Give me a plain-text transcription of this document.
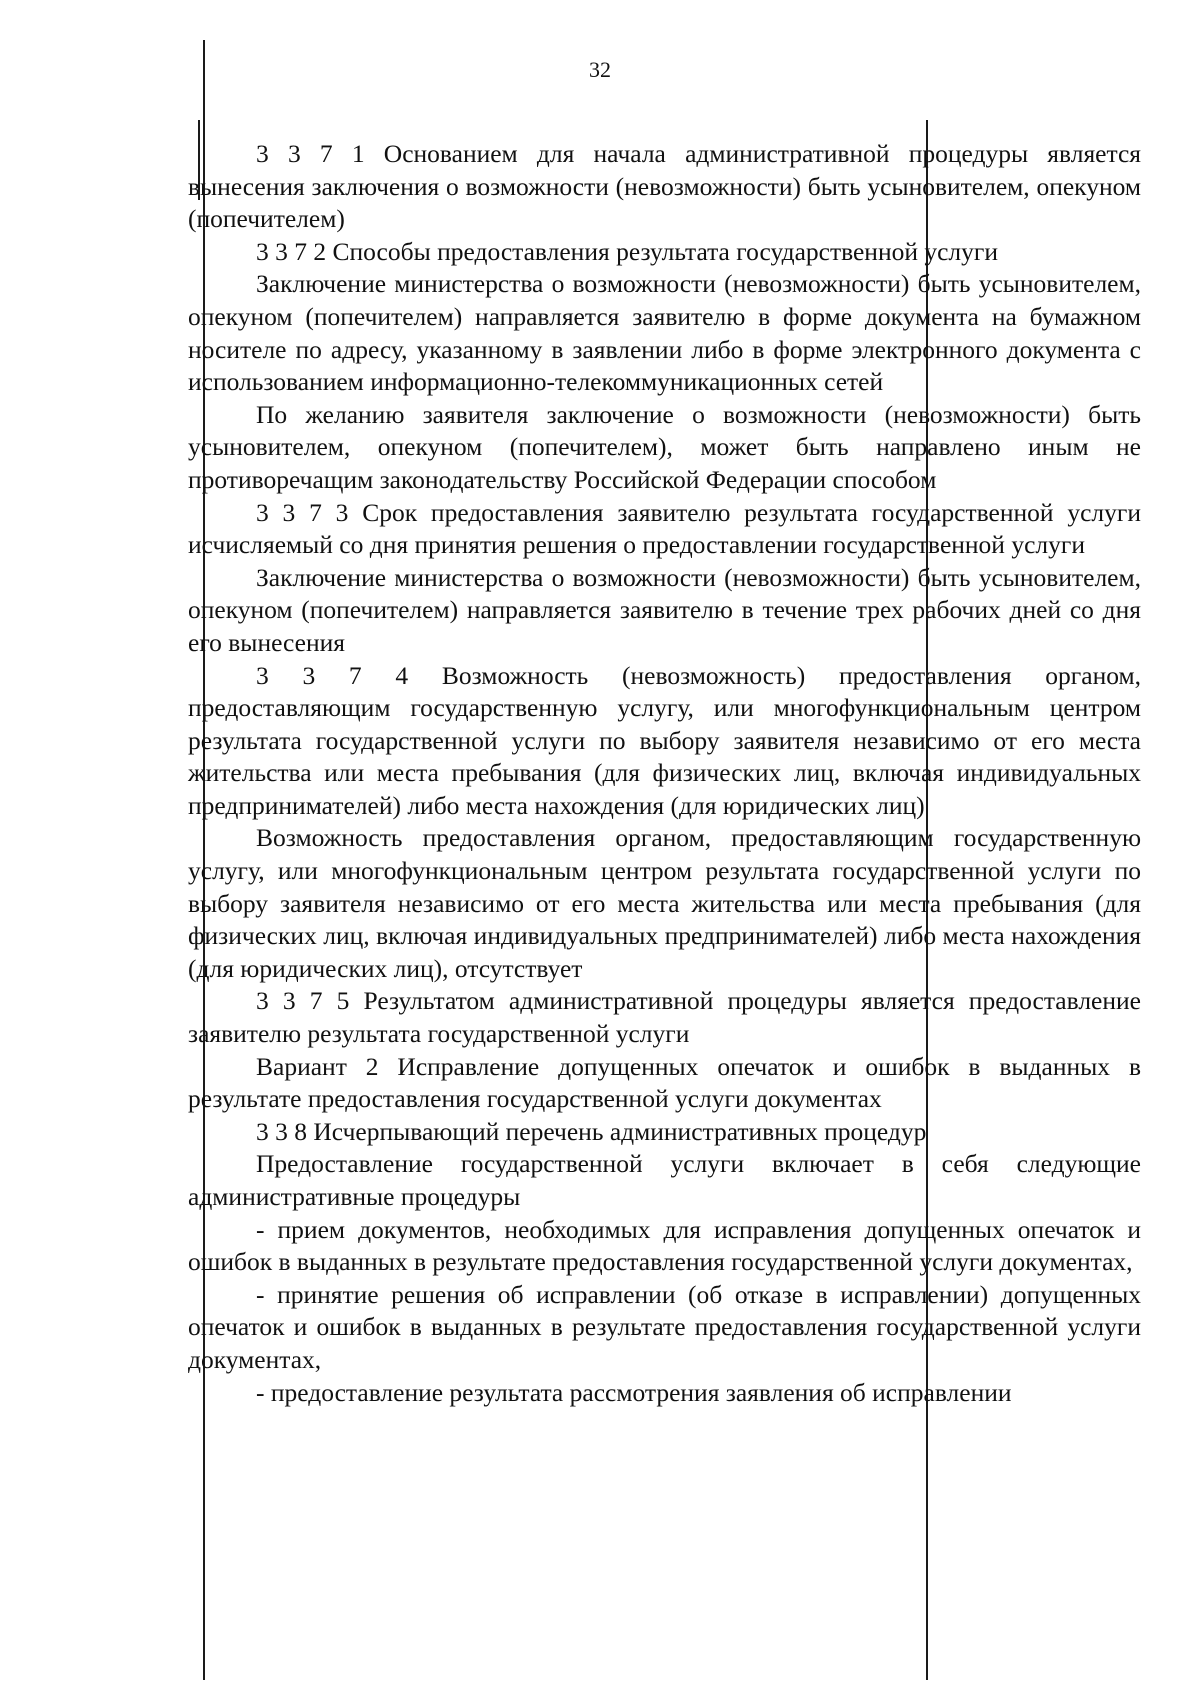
32

3 3 7 1 Основанием для начала административной процедуры является вынесения заключения о возможности (невозможности) быть усыновителем, опекуном (попечителем)

3 3 7 2 Способы предоставления результата государственной услуги

Заключение министерства о возможности (невозможности) быть усыновителем, опекуном (попечителем) направляется заявителю в форме документа на бумажном носителе по адресу, указанному в заявлении либо в форме электронного документа с использованием информационно-телекоммуникационных сетей

По желанию заявителя заключение о возможности (невозможности) быть усыновителем, опекуном (попечителем), может быть направлено иным не противоречащим законодательству Российской Федерации способом

3 3 7 3 Срок предоставления заявителю результата государственной услуги исчисляемый со дня принятия решения о предоставлении государственной услуги

Заключение министерства о возможности (невозможности) быть усыновителем, опекуном (попечителем) направляется заявителю в течение трех рабочих дней со дня его вынесения

3 3 7 4 Возможность (невозможность) предоставления органом, предоставляющим государственную услугу, или многофункциональным центром результата государственной услуги по выбору заявителя независимо от его места жительства или места пребывания (для физических лиц, включая индивидуальных предпринимателей) либо места нахождения (для юридических лиц)

Возможность предоставления органом, предоставляющим государственную услугу, или многофункциональным центром результата государственной услуги по выбору заявителя независимо от его места жительства или места пребывания (для физических лиц, включая индивидуальных предпринимателей) либо места нахождения (для юридических лиц), отсутствует

3 3 7 5 Результатом административной процедуры является предоставление заявителю результата государственной услуги

Вариант 2 Исправление допущенных опечаток и ошибок в выданных в результате предоставления государственной услуги документах

3 3 8 Исчерпывающий перечень административных процедур

Предоставление государственной услуги включает в себя следующие административные процедуры

- прием документов, необходимых для исправления допущенных опечаток и ошибок в выданных в результате предоставления государственной услуги документах,

- принятие решения об исправлении (об отказе в исправлении) допущенных опечаток и ошибок в выданных в результате предоставления государственной услуги документах,

- предоставление результата рассмотрения заявления об исправлении
